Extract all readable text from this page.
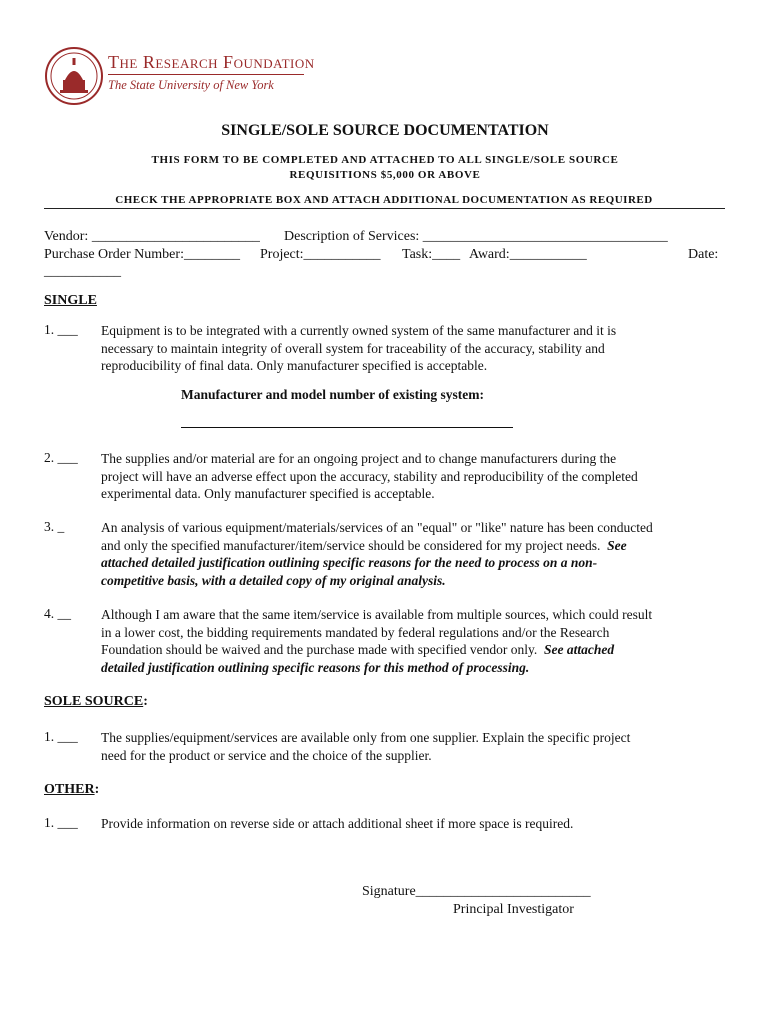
The Research Foundation
The State University of New York
SINGLE/SOLE SOURCE DOCUMENTATION
THIS FORM TO BE COMPLETED AND ATTACHED TO ALL SINGLE/SOLE SOURCE
REQUISITIONS $5,000 OR ABOVE
CHECK THE APPROPRIATE BOX AND ATTACH ADDITIONAL DOCUMENTATION AS REQUIRED
Vendor: ________________________ Description of Services: ___________________________________
Purchase Order Number:________ Project:___________ Task:____ Award:___________	Date:
___________
SINGLE
1. ___ Equipment is to be integrated with a currently owned system of the same manufacturer and it is
necessary to maintain integrity of overall system for traceability of the accuracy, stability and
reproducibility of final data. Only manufacturer specified is acceptable.
Manufacturer and model number of existing system:
2. ___ The supplies and/or material are for an ongoing project and to change manufacturers during the
project will have an adverse effect upon the accuracy, stability and reproducibility of the completed
experimental data. Only manufacturer specified is acceptable.
3. _	An analysis of various equipment/materials/services of an "equal" or "like" nature has been conducted
and only the specified manufacturer/item/service should be considered for my project needs. See
attached detailed justification outlining specific reasons for the need to process on a non-
competitive basis, with a detailed copy of my original analysis.
4. __ Although I am aware that the same item/service is available from multiple sources, which could result
in a lower cost, the bidding requirements mandated by federal regulations and/or the Research
Foundation should be waived and the purchase made with specified vendor only. See attached
detailed justification outlining specific reasons for this method of processing.
SOLE SOURCE:
1. ___ The supplies/equipment/services are available only from one supplier. Explain the specific project
need for the product or service and the choice of the supplier.
OTHER:
1. ___ Provide information on reverse side or attach additional sheet if more space is required.
Signature_________________________
Principal Investigator
